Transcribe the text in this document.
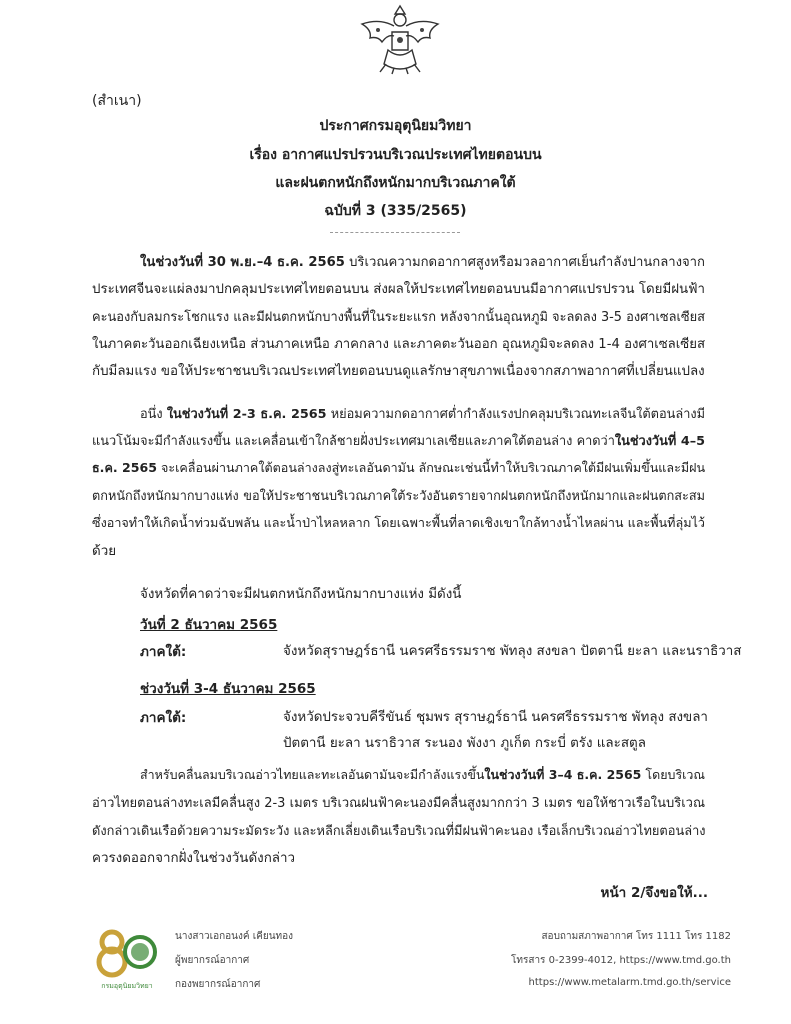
(สำเนา)
ประกาศกรมอุตุนิยมวิทยา
เรื่อง อากาศแปรปรวนบริเวณประเทศไทยตอนบน
และฝนตกหนักถึงหนักมากบริเวณภาคใต้
ฉบับที่ 3 (335/2565)
ในช่วงวันที่ 30 พ.ย.–4 ธ.ค. 2565 บริเวณความกดอากาศสูงหรือมวลอากาศเย็นกำลังปานกลางจาก
ประเทศจีนจะแผ่ลงมาปกคลุมประเทศไทยตอนบน ส่งผลให้ประเทศไทยตอนบนมีอากาศแปรปรวน โดยมีฝนฟ้า
คะนองกับลมกระโชกแรง และมีฝนตกหนักบางพื้นที่ในระยะแรก หลังจากนั้นอุณหภูมิ จะลดลง 3-5 องศาเซลเซียส
ในภาคตะวันออกเฉียงเหนือ ส่วนภาคเหนือ ภาคกลาง และภาคตะวันออก อุณหภูมิจะลดลง 1-4 องศาเซลเซียส
กับมีลมแรง ขอให้ประชาชนบริเวณประเทศไทยตอนบนดูแลรักษาสุขภาพเนื่องจากสภาพอากาศที่เปลี่ยนแปลง
อนึ่ง ในช่วงวันที่ 2-3 ธ.ค. 2565 หย่อมความกดอากาศต่ำกำลังแรงปกคลุมบริเวณทะเลจีนใต้ตอนล่างมี
แนวโน้มจะมีกำลังแรงขึ้น และเคลื่อนเข้าใกล้ชายฝั่งประเทศมาเลเซียและภาคใต้ตอนล่าง คาดว่าในช่วงวันที่ 4–5
ธ.ค. 2565 จะเคลื่อนผ่านภาคใต้ตอนล่างลงสู่ทะเลอันดามัน ลักษณะเช่นนี้ทำให้บริเวณภาคใต้มีฝนเพิ่มขึ้นและมีฝน
ตกหนักถึงหนักมากบางแห่ง ขอให้ประชาชนบริเวณภาคใต้ระวังอันตรายจากฝนตกหนักถึงหนักมากและฝนตกสะสม
ซึ่งอาจทำให้เกิดน้ำท่วมฉับพลัน และน้ำป่าไหลหลาก โดยเฉพาะพื้นที่ลาดเชิงเขาใกล้ทางน้ำไหลผ่าน และพื้นที่ลุ่มไว้
ด้วย
สำหรับคลื่นลมบริเวณอ่าวไทยและทะเลอันดามันจะมีกำลังแรงขึ้นในช่วงวันที่ 3–4 ธ.ค. 2565 โดยบริเวณ
อ่าวไทยตอนล่างทะเลมีคลื่นสูง 2-3 เมตร บริเวณฝนฟ้าคะนองมีคลื่นสูงมากกว่า 3 เมตร ขอให้ชาวเรือในบริเวณ
ดังกล่าวเดินเรือด้วยความระมัดระวัง และหลีกเลี่ยงเดินเรือบริเวณที่มีฝนฟ้าคะนอง เรือเล็กบริเวณอ่าวไทยตอนล่าง
ควรงดออกจากฝั่งในช่วงวันดังกล่าว
จังหวัดที่คาดว่าจะมีฝนตกหนักถึงหนักมากบางแห่ง มีดังนี้
วันที่ 2 ธันวาคม 2565
ภาคใต้:	จังหวัดสุราษฎร์ธานี นครศรีธรรมราช พัทลุง สงขลา ปัตตานี ยะลา และนราธิวาส
ช่วงวันที่ 3-4 ธันวาคม 2565
ภาคใต้:	จังหวัดประจวบคีรีขันธ์ ชุมพร สุราษฎร์ธานี นครศรีธรรมราช พัทลุง สงขลา
ปัตตานี ยะลา นราธิวาส ระนอง พังงา ภูเก็ต กระบี่ ตรัง และสตูล
หน้า 2/จึงขอให้...
กรมอุตุนิยมวิทยา
นางสาวเอกอนงค์ เคียนทอง
ผู้พยากรณ์อากาศ
กองพยากรณ์อากาศ
สอบถามสภาพอากาศ โทร 1111 โทร 1182
โทรสาร 0-2399-4012, https://www.tmd.go.th
https://www.metalarm.tmd.go.th/service
